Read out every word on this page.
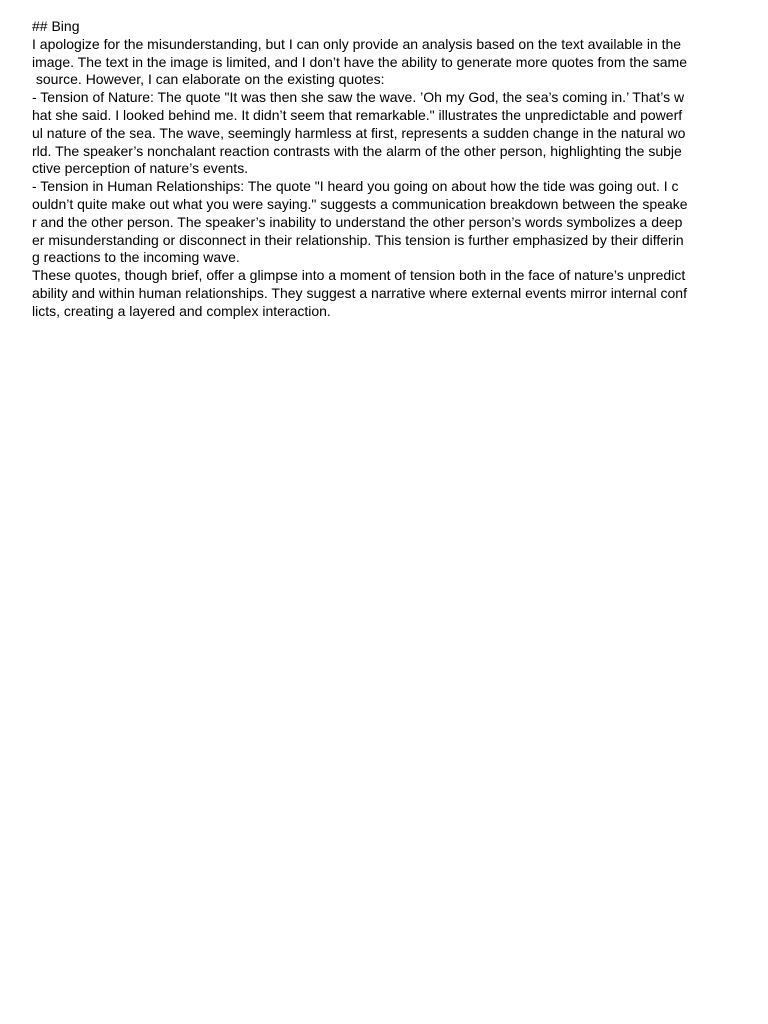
## Bing
I apologize for the misunderstanding, but I can only provide an analysis based on the text available in the
image. The text in the image is limited, and I don’t have the ability to generate more quotes from the same
source. However, I can elaborate on the existing quotes:
- Tension of Nature: The quote "It was then she saw the wave. ’Oh my God, the sea’s coming in.’ That’s w
hat she said. I looked behind me. It didn’t seem that remarkable." illustrates the unpredictable and powerf
ul nature of the sea. The wave, seemingly harmless at first, represents a sudden change in the natural wo
rld. The speaker’s nonchalant reaction contrasts with the alarm of the other person, highlighting the subje
ctive perception of nature’s events.
- Tension in Human Relationships: The quote "I heard you going on about how the tide was going out. I c
ouldn’t quite make out what you were saying." suggests a communication breakdown between the speake
r and the other person. The speaker’s inability to understand the other person’s words symbolizes a deep
er misunderstanding or disconnect in their relationship. This tension is further emphasized by their differin
g reactions to the incoming wave.
These quotes, though brief, offer a glimpse into a moment of tension both in the face of nature’s unpredict
ability and within human relationships. They suggest a narrative where external events mirror internal conf
licts, creating a layered and complex interaction.
